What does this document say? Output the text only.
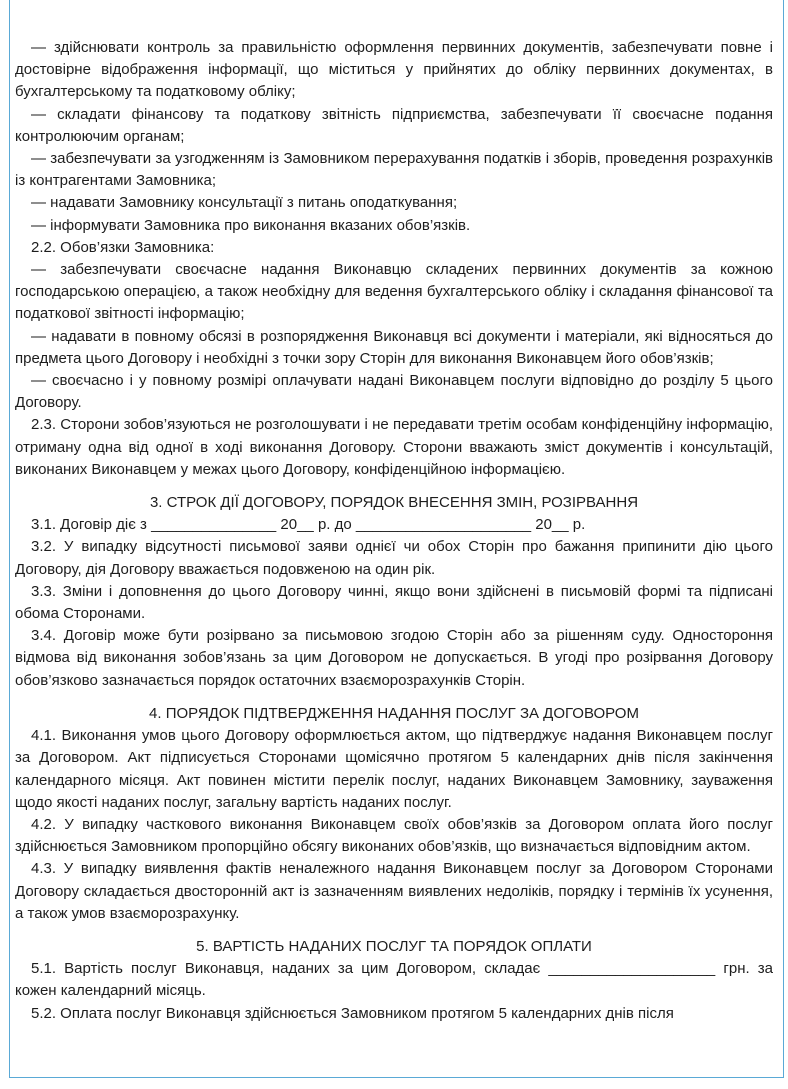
— здійснювати контроль за правильністю оформлення первинних документів, забезпечувати повне і достовірне відображення інформації, що міститься у прийнятих до обліку первинних документах, в бухгалтерському та податковому обліку;

— складати фінансову та податкову звітність підприємства, забезпечувати її своєчасне подання контролюючим органам;

— забезпечувати за узгодженням із Замовником перерахування податків і зборів, проведення розрахунків із контрагентами Замовника;

— надавати Замовнику консультації з питань оподаткування;

— інформувати Замовника про виконання вказаних обов’язків.

2.2. Обов’язки Замовника:

— забезпечувати своєчасне надання Виконавцю складених первинних документів за кожною господарською операцією, а також необхідну для ведення бухгалтерського обліку і складання фінансової та податкової звітності інформацію;

— надавати в повному обсязі в розпорядження Виконавця всі документи і матеріали, які відносяться до предмета цього Договору і необхідні з точки зору Сторін для виконання Виконавцем його обов’язків;

— своєчасно і у повному розмірі оплачувати надані Виконавцем послуги відповідно до розділу 5 цього Договору.

2.3. Сторони зобов’язуються не розголошувати і не передавати третім особам конфіденційну інформацію, отриману одна від одної в ході виконання Договору. Сторони вважають зміст документів і консультацій, виконаних Виконавцем у межах цього Договору, конфіденційною інформацією.

3. СТРОК ДІЇ ДОГОВОРУ, ПОРЯДОК ВНЕСЕННЯ ЗМІН, РОЗІРВАННЯ

3.1. Договір діє з _______________ 20__ р. до _____________________ 20__ р.

3.2. У випадку відсутності письмової заяви однієї чи обох Сторін про бажання припинити дію цього Договору, дія Договору вважається подовженою на один рік.

3.3. Зміни і доповнення до цього Договору чинні, якщо вони здійснені в письмовій формі та підписані обома Сторонами.

3.4. Договір може бути розірвано за письмовою згодою Сторін або за рішенням суду. Одностороння відмова від виконання зобов’язань за цим Договором не допускається. В угоді про розірвання Договору обов’язково зазначається порядок остаточних взаєморозрахунків Сторін.

4. ПОРЯДОК ПІДТВЕРДЖЕННЯ НАДАННЯ ПОСЛУГ ЗА ДОГОВОРОМ

4.1. Виконання умов цього Договору оформлюється актом, що підтверджує надання Виконавцем послуг за Договором. Акт підписується Сторонами щомісячно протягом 5 календарних днів після закінчення календарного місяця. Акт повинен містити перелік послуг, наданих Виконавцем Замовнику, зауваження щодо якості наданих послуг, загальну вартість наданих послуг.

4.2. У випадку часткового виконання Виконавцем своїх обов’язків за Договором оплата його послуг здійснюється Замовником пропорційно обсягу виконаних обов’язків, що визначається відповідним актом.

4.3. У випадку виявлення фактів неналежного надання Виконавцем послуг за Договором Сторонами Договору складається двосторонній акт із зазначенням виявлених недоліків, порядку і термінів їх усунення, а також умов взаєморозрахунку.

5. ВАРТІСТЬ НАДАНИХ ПОСЛУГ ТА ПОРЯДОК ОПЛАТИ

5.1. Вартість послуг Виконавця, наданих за цим Договором, складає ____________________ грн. за кожен календарний місяць.

5.2. Оплата послуг Виконавця здійснюється Замовником протягом 5 календарних днів після
